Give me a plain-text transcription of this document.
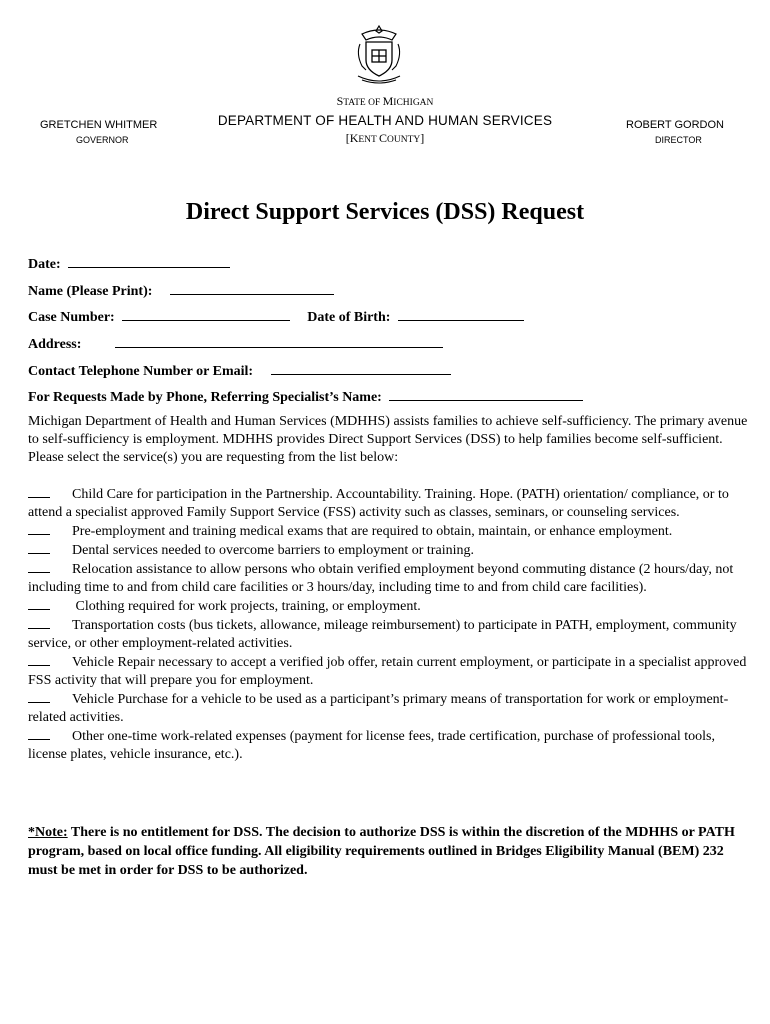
STATE OF MICHIGAN
DEPARTMENT OF HEALTH AND HUMAN SERVICES
[KENT COUNTY]
GRETCHEN WHITMER
GOVERNOR
ROBERT GORDON
DIRECTOR
Direct Support Services (DSS) Request
Date:
Name (Please Print):
Case Number:	Date of Birth:
Address:
Contact Telephone Number or Email:
For Requests Made by Phone, Referring Specialist’s Name:
Michigan Department of Health and Human Services (MDHHS) assists families to achieve self-sufficiency. The primary avenue to self-sufficiency is employment. MDHHS provides Direct Support Services (DSS) to help families become self-sufficient. Please select the service(s) you are requesting from the list below:

Child Care for participation in the Partnership. Accountability. Training. Hope. (PATH) orientation/ compliance, or to attend a specialist approved Family Support Service (FSS) activity such as classes, seminars, or counseling services.

Pre-employment and training medical exams that are required to obtain, maintain, or enhance employment.

Dental services needed to overcome barriers to employment or training.

Relocation assistance to allow persons who obtain verified employment beyond commuting distance (2 hours/day, not including time to and from child care facilities or 3 hours/day, including time to and from child care facilities).

Clothing required for work projects, training, or employment.

Transportation costs (bus tickets, allowance, mileage reimbursement) to participate in PATH, employment, community service, or other employment-related activities.

Vehicle Repair necessary to accept a verified job offer, retain current employment, or participate in a specialist approved FSS activity that will prepare you for employment.

Vehicle Purchase for a vehicle to be used as a participant’s primary means of transportation for work or employment-related activities.

Other one-time work-related expenses (payment for license fees, trade certification, purchase of professional tools, license plates, vehicle insurance, etc.).

*Note: There is no entitlement for DSS. The decision to authorize DSS is within the discretion of the MDHHS or PATH program, based on local office funding. All eligibility requirements outlined in Bridges Eligibility Manual (BEM) 232 must be met in order for DSS to be authorized.
